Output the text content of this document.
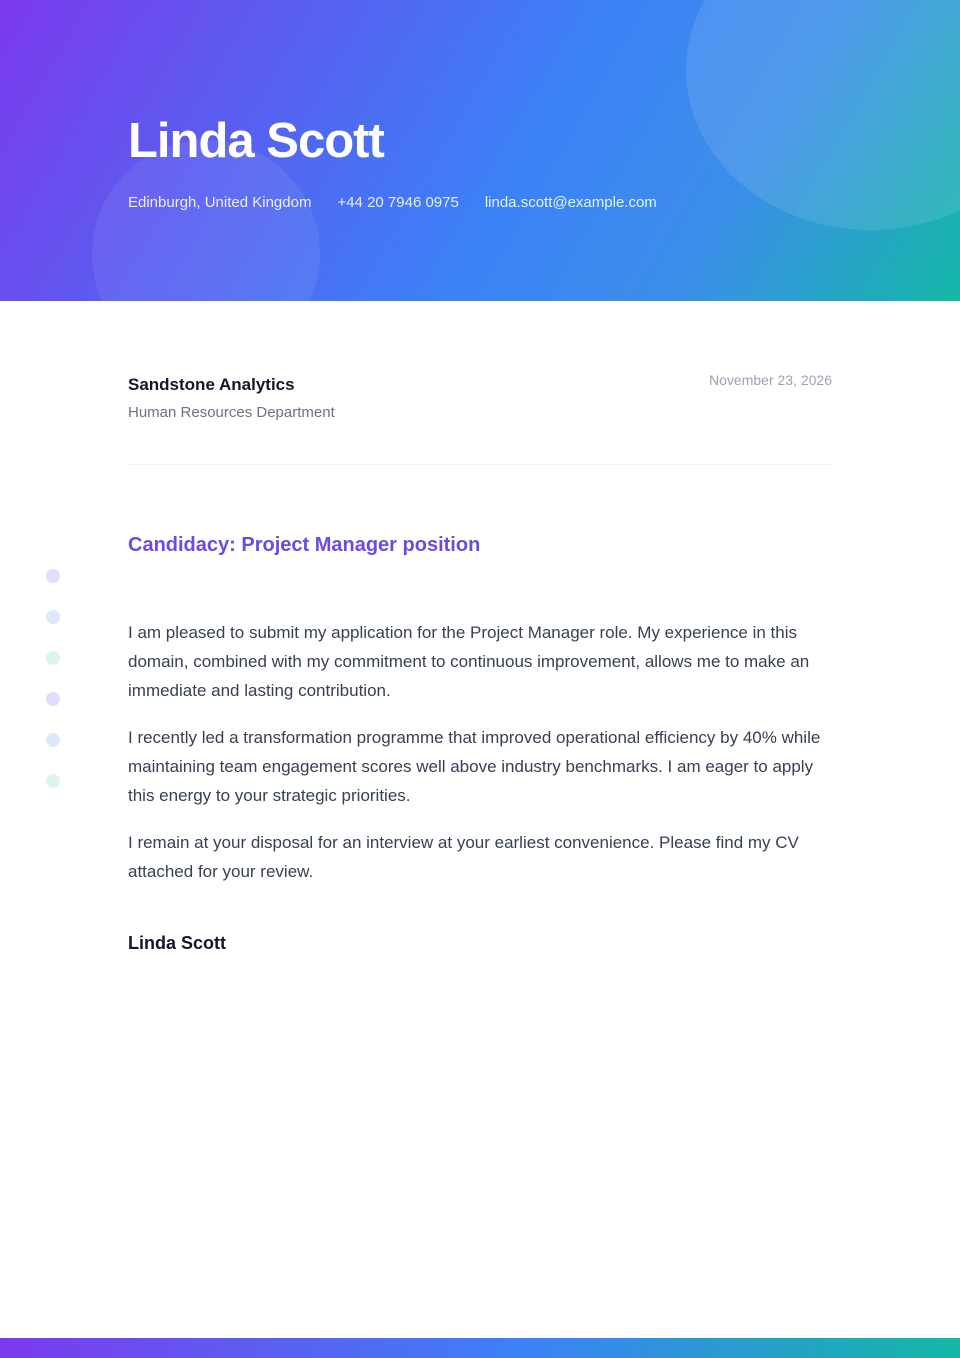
Linda Scott
Edinburgh, United Kingdom +44 20 7946 0975 linda.scott@example.com
Sandstone Analytics
Human Resources Department
November 23, 2026
Candidacy: Project Manager position

I am pleased to submit my application for the Project Manager role. My experience in this domain, combined with my commitment to continuous improvement, allows me to make an immediate and lasting contribution.

I recently led a transformation programme that improved operational efficiency by 40% while maintaining team engagement scores well above industry benchmarks. I am eager to apply this energy to your strategic priorities.

I remain at your disposal for an interview at your earliest convenience. Please find my CV attached for your review.

Linda Scott
